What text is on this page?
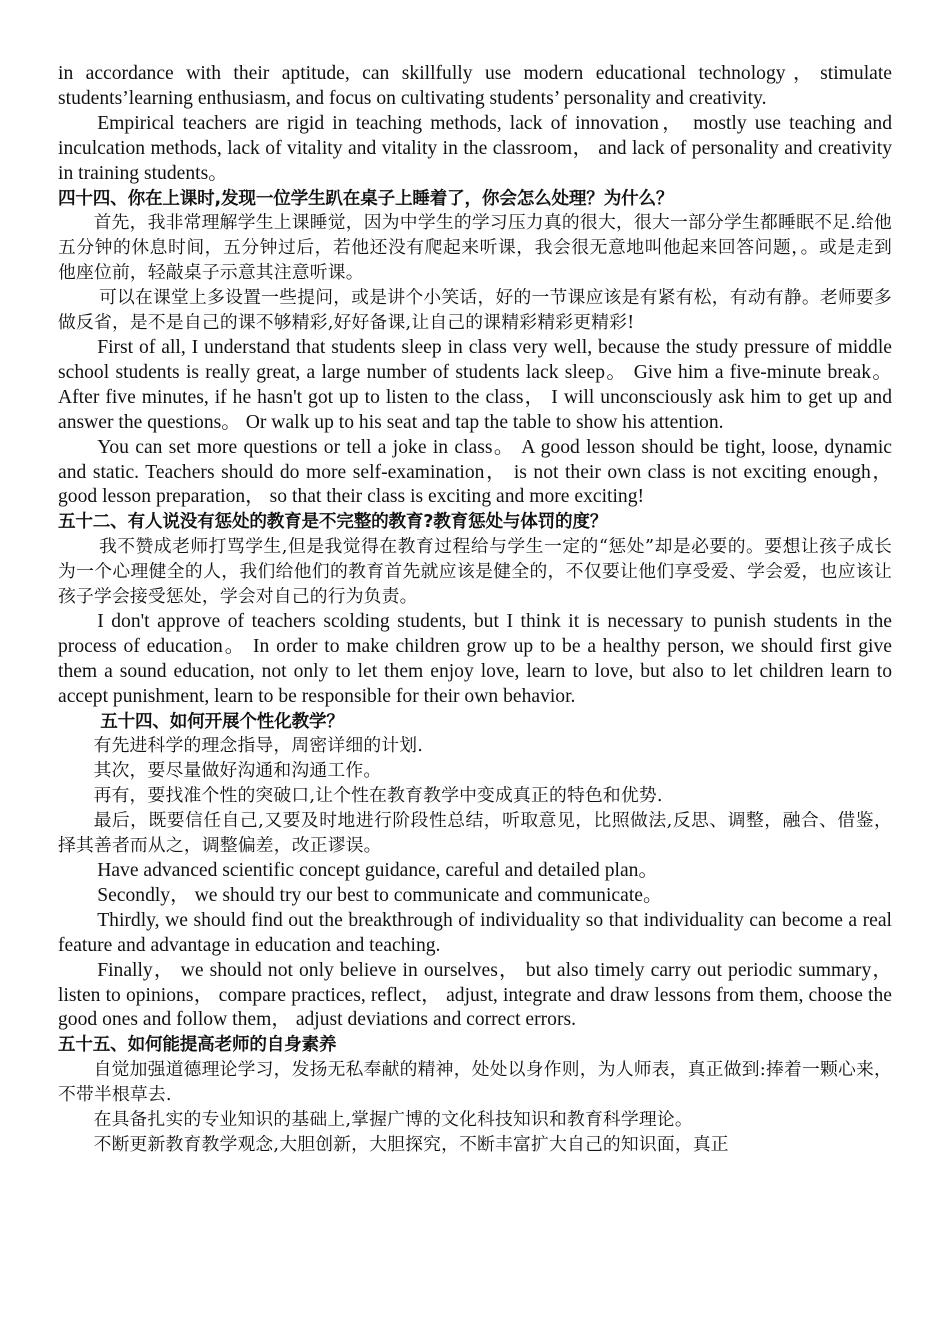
in accordance with their aptitude, can skillfully use modern educational technology，stimulate students’learning enthusiasm, and focus on cultivating students’ personality and creativity.

Empirical teachers are rigid in teaching methods, lack of innovation， mostly use teaching and inculcation methods, lack of vitality and vitality in the classroom， and lack of personality and creativity in training students。

四十四、你在上课时,发现一位学生趴在桌子上睡着了，你会怎么处理？为什么？

首先，我非常理解学生上课睡觉，因为中学生的学习压力真的很大，很大一部分学生都睡眠不足.给他五分钟的休息时间，五分钟过后，若他还没有爬起来听课，我会很无意地叫他起来回答问题，。或是走到他座位前，轻敲桌子示意其注意听课。

可以在课堂上多设置一些提问，或是讲个小笑话，好的一节课应该是有紧有松，有动有静。老师要多做反省，是不是自己的课不够精彩,好好备课,让自己的课精彩精彩更精彩!

First of all, I understand that students sleep in class very well, because the study pressure of middle school students is really great, a large number of students lack sleep。 Give him a five-minute break。 After five minutes, if he hasn't got up to listen to the class， I will unconsciously ask him to get up and answer the questions。 Or walk up to his seat and tap the table to show his attention.

You can set more questions or tell a joke in class。 A good lesson should be tight, loose, dynamic and static. Teachers should do more self-examination， is not their own class is not exciting enough， good lesson preparation， so that their class is exciting and more exciting!

五十二、有人说没有惩处的教育是不完整的教育?教育惩处与体罚的度？

我不赞成老师打骂学生,但是我觉得在教育过程给与学生一定的“惩处”却是必要的。要想让孩子成长为一个心理健全的人，我们给他们的教育首先就应该是健全的，不仅要让他们享受爱、学会爱，也应该让孩子学会接受惩处，学会对自己的行为负责。

I don't approve of teachers scolding students, but I think it is necessary to punish students in the process of education。 In order to make children grow up to be a healthy person, we should first give them a sound education, not only to let them enjoy love, learn to love, but also to let children learn to accept punishment, learn to be responsible for their own behavior.

五十四、如何开展个性化教学？

有先进科学的理念指导，周密详细的计划.

其次，要尽量做好沟通和沟通工作。

再有，要找准个性的突破口,让个性在教育教学中变成真正的特色和优势.

最后，既要信任自己,又要及时地进行阶段性总结，听取意见，比照做法,反思、调整，融合、借鉴，择其善者而从之，调整偏差，改正谬误。

Have advanced scientific concept guidance, careful and detailed plan。

Secondly， we should try our best to communicate and communicate。

Thirdly, we should find out the breakthrough of individuality so that individuality can become a real feature and advantage in education and teaching.

Finally， we should not only believe in ourselves， but also timely carry out periodic summary， listen to opinions， compare practices, reflect， adjust, integrate and draw lessons from them, choose the good ones and follow them， adjust deviations and correct errors.

五十五、如何能提高老师的自身素养

自觉加强道德理论学习，发扬无私奉献的精神，处处以身作则，为人师表，真正做到:捧着一颗心来，不带半根草去.

在具备扎实的专业知识的基础上,掌握广博的文化科技知识和教育科学理论。

不断更新教育教学观念,大胆创新，大胆探究，不断丰富扩大自己的知识面，真正
